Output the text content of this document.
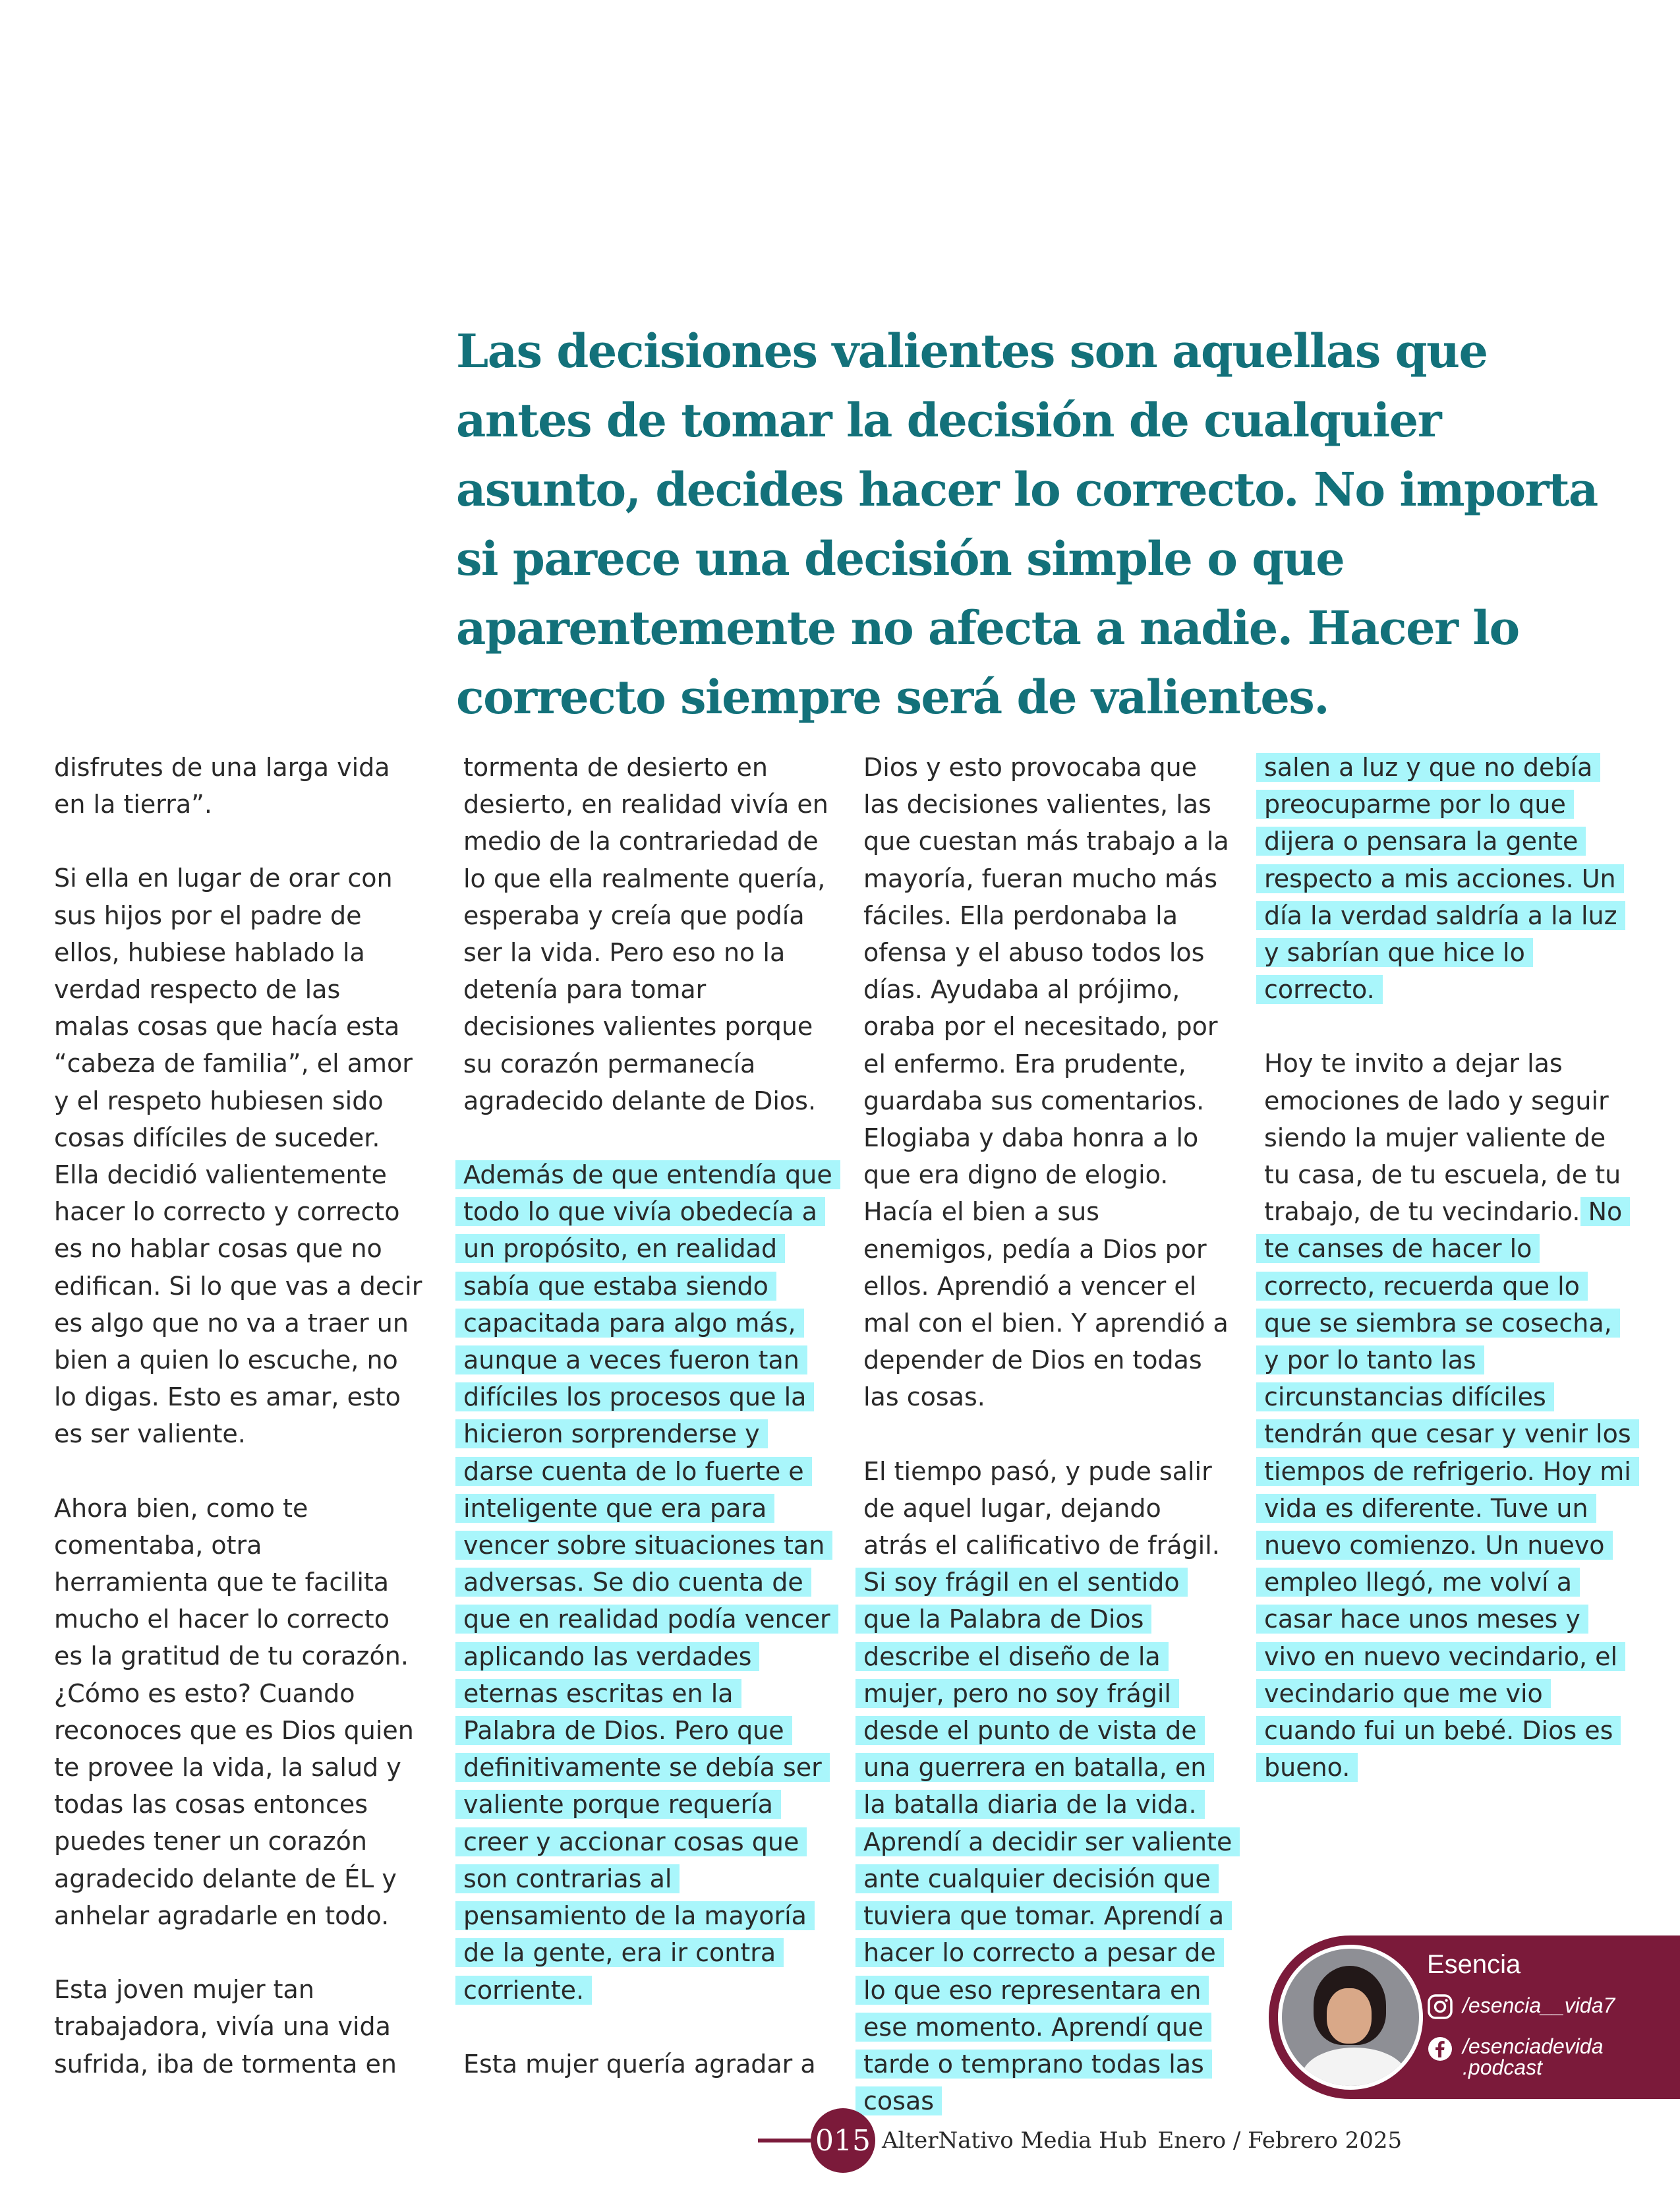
Las decisiones valientes son aquellas que antes de tomar la decisión de cualquier asunto, decides hacer lo correcto. No importa si parece una decisión simple o que aparentemente no afecta a nadie. Hacer lo correcto siempre será de valientes.

disfrutes de una larga vida en la tierra”.

Si ella en lugar de orar con sus hijos por el padre de ellos, hubiese hablado la verdad respecto de las malas cosas que hacía esta “cabeza de familia”, el amor y el respeto hubiesen sido cosas difíciles de suceder.

Ella decidió valientemente hacer lo correcto y correcto es no hablar cosas que no edifican. Si lo que vas a decir es algo que no va a traer un bien a quien lo escuche, no lo digas. Esto es amar, esto es ser valiente.

Ahora bien, como te comentaba, otra herramienta que te facilita mucho el hacer lo correcto es la gratitud de tu corazón. ¿Cómo es esto? Cuando reconoces que es Dios quien te provee la vida, la salud y todas las cosas entonces puedes tener un corazón agradecido delante de ÉL y anhelar agradarle en todo.

Esta joven mujer tan trabajadora, vivía una vida sufrida, iba de tormenta en

tormenta de desierto en desierto, en realidad vivía en medio de la contrariedad de lo que ella realmente quería, esperaba y creía que podía ser la vida. Pero eso no la detenía para tomar decisiones valientes porque su corazón permanecía agradecido delante de Dios.

Además de que entendía que todo lo que vivía obedecía a un propósito, en realidad sabía que estaba siendo capacitada para algo más, aunque a veces fueron tan difíciles los procesos que la hicieron sorprenderse y darse cuenta de lo fuerte e inteligente que era para vencer sobre situaciones tan adversas. Se dio cuenta de que en realidad podía vencer aplicando las verdades eternas escritas en la Palabra de Dios. Pero que definitivamente se debía ser valiente porque requería creer y accionar cosas que son contrarias al pensamiento de la mayoría de la gente, era ir contra corriente.

Esta mujer quería agradar a

Dios y esto provocaba que las decisiones valientes, las que cuestan más trabajo a la mayoría, fueran mucho más fáciles. Ella perdonaba la ofensa y el abuso todos los días. Ayudaba al prójimo, oraba por el necesitado, por el enfermo. Era prudente, guardaba sus comentarios. Elogiaba y daba honra a lo que era digno de elogio. Hacía el bien a sus enemigos, pedía a Dios por ellos. Aprendió a vencer el mal con el bien. Y aprendió a depender de Dios en todas las cosas.

El tiempo pasó, y pude salir de aquel lugar, dejando atrás el calificativo de frágil. Si soy frágil en el sentido que la Palabra de Dios describe el diseño de la mujer, pero no soy frágil desde el punto de vista de una guerrera en batalla, en la batalla diaria de la vida. Aprendí a decidir ser valiente ante cualquier decisión que tuviera que tomar. Aprendí a hacer lo correcto a pesar de lo que eso representara en ese momento. Aprendí que tarde o temprano todas las cosas

salen a luz y que no debía preocuparme por lo que dijera o pensara la gente respecto a mis acciones. Un día la verdad saldría a la luz y sabrían que hice lo correcto.

Hoy te invito a dejar las emociones de lado y seguir siendo la mujer valiente de tu casa, de tu escuela, de tu trabajo, de tu vecindario. No te canses de hacer lo correcto, recuerda que lo que se siembra se cosecha, y por lo tanto las circunstancias difíciles tendrán que cesar y venir los tiempos de refrigerio. Hoy mi vida es diferente. Tuve un nuevo comienzo. Un nuevo empleo llegó, me volví a casar hace unos meses y vivo en nuevo vecindario, el vecindario que me vio cuando fui un bebé. Dios es bueno.

Esencia
/esencia__vida7
/esenciadevida
.podcast
015 AlterNativo Media Hub Enero / Febrero 2025
